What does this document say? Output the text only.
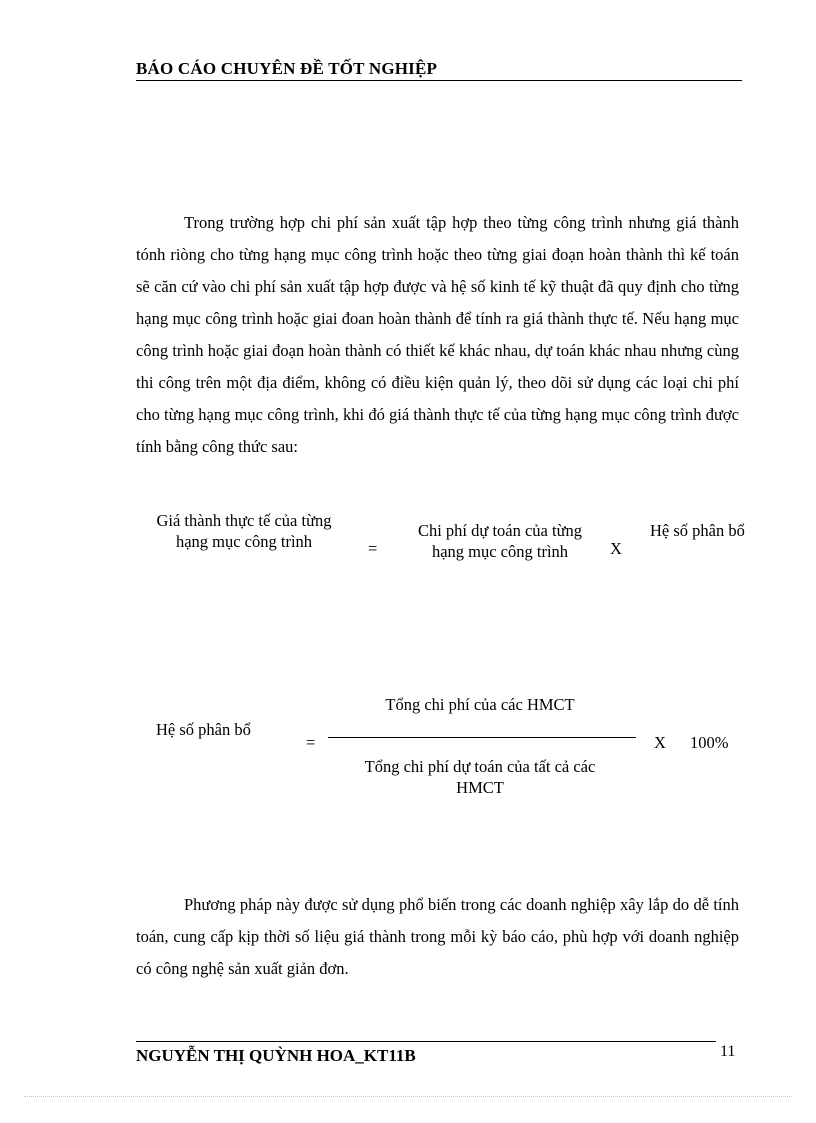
BÁO CÁO CHUYÊN ĐỀ TỐT NGHIỆP

Trong trường hợp chi phí sản xuất tập hợp theo từng công trình nhưng giá thành tónh riòng cho từng hạng mục công trình hoặc theo từng giai đoạn hoàn thành thì kế toán sẽ căn cứ vào chi phí sản xuất tập hợp được và hệ số kinh tế kỹ thuật đã quy định cho từng hạng mục công trình hoặc giai đoan hoàn thành để tính ra giá thành thực tế. Nếu hạng mục công trình hoặc giai đoạn hoàn thành có thiết kế khác nhau, dự toán khác nhau nhưng cùng thi công trên một địa điểm, không có điều kiện quản lý, theo dõi sử dụng các loại chi phí cho từng hạng mục công trình, khi đó giá thành thực tế của từng hạng mục công trình được tính bằng công thức sau:

Giá thành thực tế của từng hạng mục công trình	=
Chi phí dự toán của từng hạng mục công trình	X
Hệ số phân bổ
Hệ số phân bổ
=
Tổng chi phí của các HMCT
Tổng chi phí dự toán của tất cả các HMCT
X 100%

Phương pháp này được sử dụng phổ biến trong các doanh nghiệp xây lắp do dễ tính toán, cung cấp kịp thời số liệu giá thành trong mỗi kỳ báo cáo, phù hợp với doanh nghiệp có công nghệ sản xuất giản đơn.

NGUYỄN THỊ QUỲNH HOA_KT11B	11
